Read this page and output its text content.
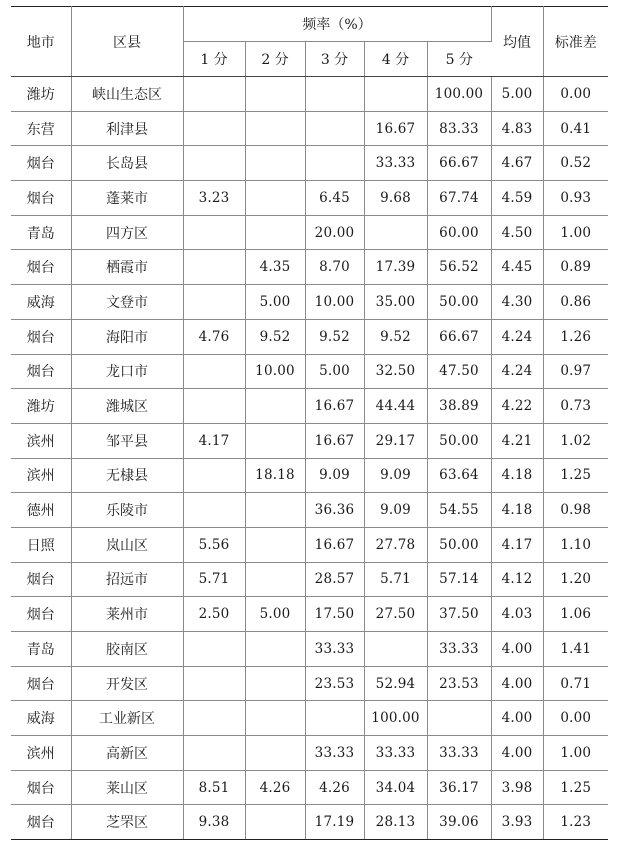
地市	区县	频率（%）					均值	标准差
		1 分	2 分	3 分	4 分	5 分		
潍坊	峡山生态区					100.00	5.00	0.00
东营	利津县				16.67	83.33	4.83	0.41
烟台	长岛县				33.33	66.67	4.67	0.52
烟台	蓬莱市	3.23		6.45	9.68	67.74	4.59	0.93
青岛	四方区			20.00		60.00	4.50	1.00
烟台	栖霞市		4.35	8.70	17.39	56.52	4.45	0.89
威海	文登市		5.00	10.00	35.00	50.00	4.30	0.86
烟台	海阳市	4.76	9.52	9.52	9.52	66.67	4.24	1.26
烟台	龙口市		10.00	5.00	32.50	47.50	4.24	0.97
潍坊	潍城区			16.67	44.44	38.89	4.22	0.73
滨州	邹平县	4.17		16.67	29.17	50.00	4.21	1.02
滨州	无棣县		18.18	9.09	9.09	63.64	4.18	1.25
德州	乐陵市			36.36	9.09	54.55	4.18	0.98
日照	岚山区	5.56		16.67	27.78	50.00	4.17	1.10
烟台	招远市	5.71		28.57	5.71	57.14	4.12	1.20
烟台	莱州市	2.50	5.00	17.50	27.50	37.50	4.03	1.06
青岛	胶南区			33.33		33.33	4.00	1.41
烟台	开发区			23.53	52.94	23.53	4.00	0.71
威海	工业新区				100.00		4.00	0.00
滨州	高新区			33.33	33.33	33.33	4.00	1.00
烟台	莱山区	8.51	4.26	4.26	34.04	36.17	3.98	1.25
烟台	芝罘区	9.38		17.19	28.13	39.06	3.93	1.23
